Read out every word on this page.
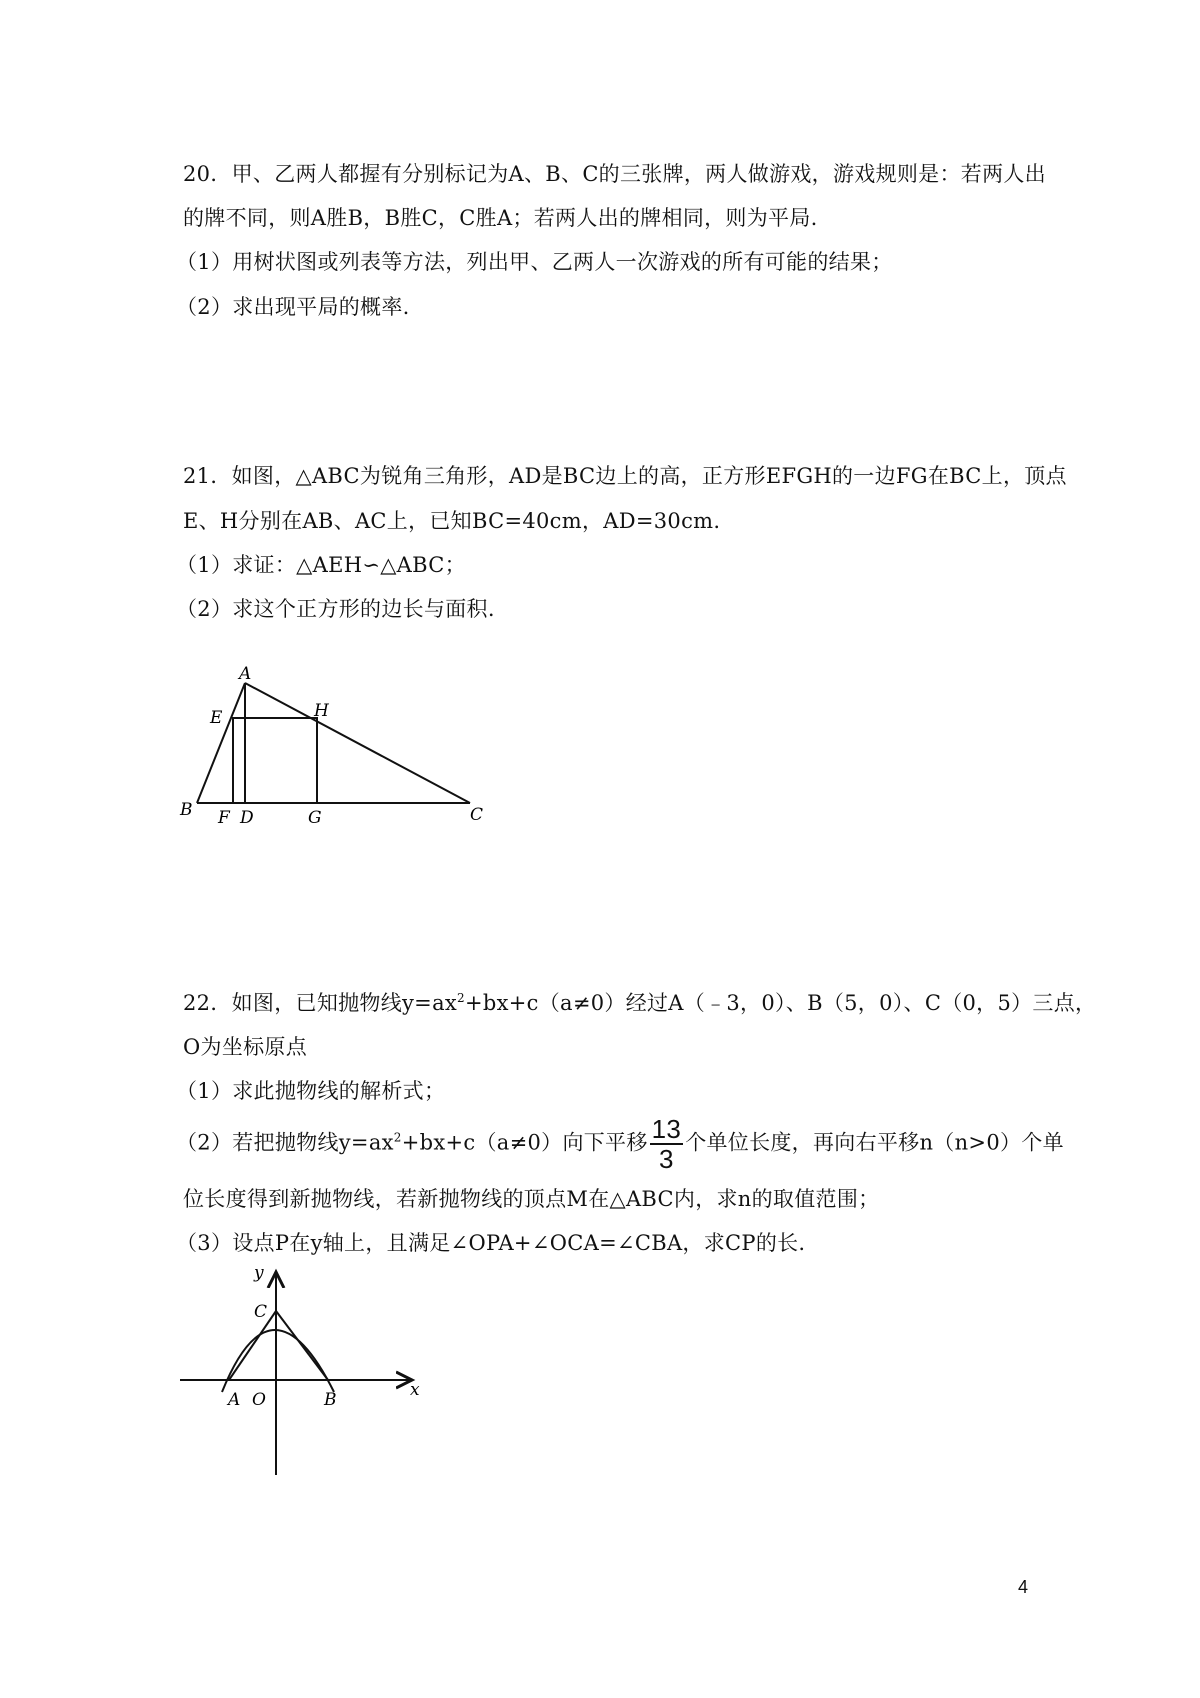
20．甲、乙两人都握有分别标记为A、B、C的三张牌，两人做游戏，游戏规则是：若两人出
的牌不同，则A胜B，B胜C，C胜A；若两人出的牌相同，则为平局.
（1）用树状图或列表等方法，列出甲、乙两人一次游戏的所有可能的结果；
（2）求出现平局的概率.
21．如图，△ABC为锐角三角形，AD是BC边上的高，正方形EFGH的一边FG在BC上，顶点
E、H分别在AB、AC上，已知BC=40cm，AD=30cm.
（1）求证：△AEH∽△ABC；
（2）求这个正方形的边长与面积.
A
E	H
B F D	G	C
22．如图，已知抛物线$y=ax^2+bx+c(a\ne 0)$经过A（﹣3，0）、B（5，0）、C（0，5）三点，
O为坐标原点
（1）求此抛物线的解析式；
（2）若把抛物线$y=ax^2+bx+c(a\ne 0)$向下平移 $\frac{13}{3}$ 个单位长度，再向右平移n（n>0）个单
位长度得到新抛物线，若新抛物线的顶点M在△ABC内，求n的取值范围；
（3）设点P在y轴上，且满足∠OPA+∠OCA=∠CBA，求CP的长.
y
x
C
A O	B
4
